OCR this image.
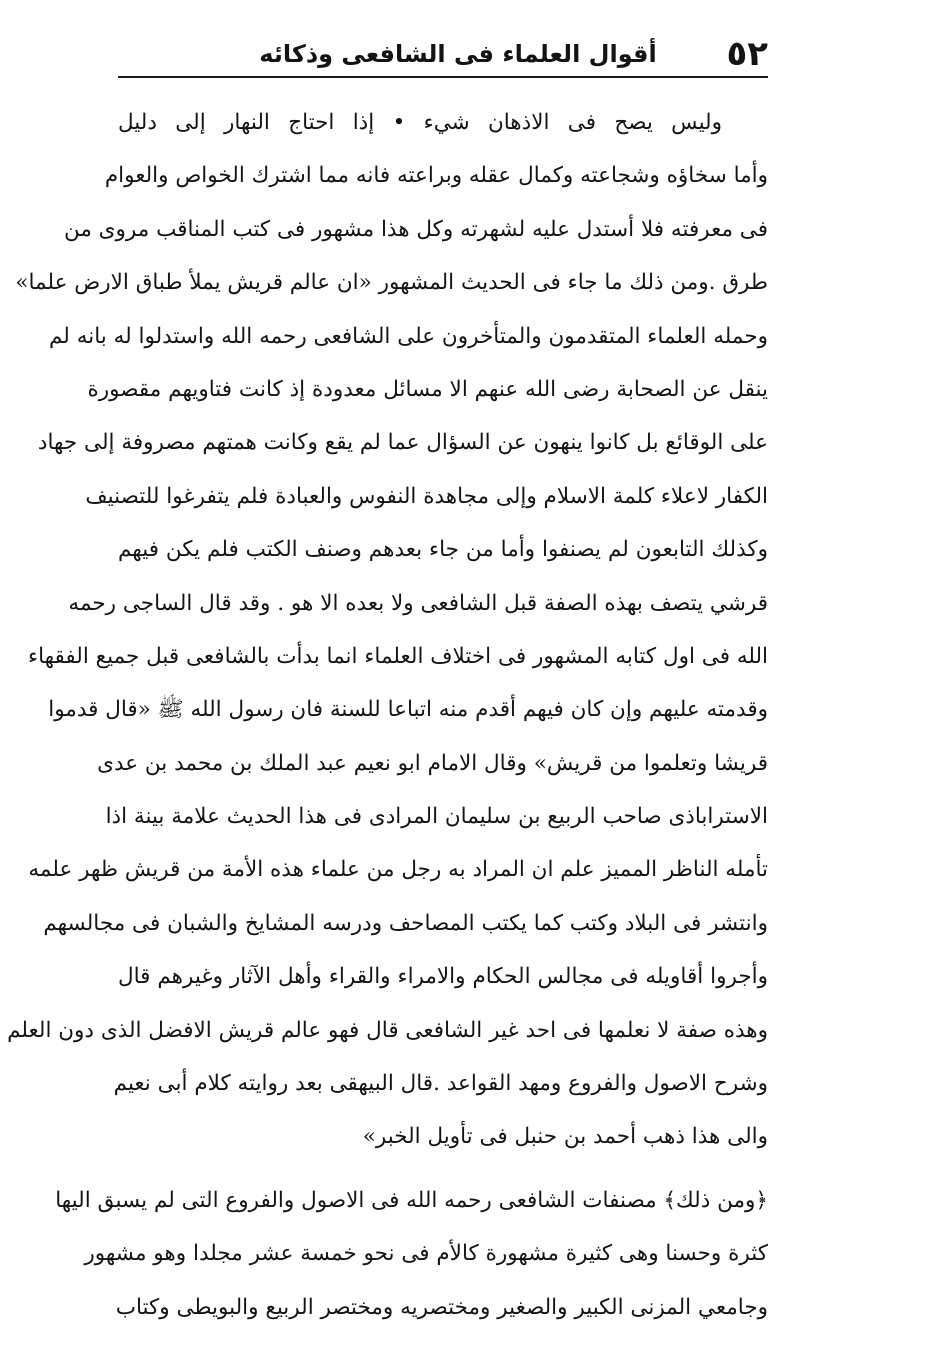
٥٢
أقوال العلماء فى الشافعى وذكائه
وليس يصح فى الاذهان شيء • إذا احتاج النهار إلى دليل
وأما سخاؤه وشجاعته وكمال عقله وبراعته فانه مما اشترك الخواص والعوام
فى معرفته فلا أستدل عليه لشهرته وكل هذا مشهور فى كتب المناقب مروى من
طرق .ومن ذلك ما جاء فى الحديث المشهور «ان عالم قريش يملأ طباق الارض علما»
وحمله العلماء المتقدمون والمتأخرون على الشافعى رحمه الله واستدلوا له بانه لم
ينقل عن الصحابة رضى الله عنهم الا مسائل معدودة إذ كانت فتاويهم مقصورة
على الوقائع بل كانوا ينهون عن السؤال عما لم يقع وكانت همتهم مصروفة إلى جهاد
الكفار لاعلاء كلمة الاسلام وإلى مجاهدة النفوس والعبادة فلم يتفرغوا للتصنيف
وكذلك التابعون لم يصنفوا وأما من جاء بعدهم وصنف الكتب فلم يكن فيهم
قرشي يتصف بهذه الصفة قبل الشافعى ولا بعده الا هو . وقد قال الساجى رحمه
الله فى اول كتابه المشهور فى اختلاف العلماء انما بدأت بالشافعى قبل جميع الفقهاء
وقدمته عليهم وإن كان فيهم أقدم منه اتباعا للسنة فان رسول الله ﷺ «قال قدموا
قريشا وتعلموا من قريش» وقال الامام ابو نعيم عبد الملك بن محمد بن عدى
الاستراباذى صاحب الربيع بن سليمان المرادى فى هذا الحديث علامة بينة اذا
تأمله الناظر المميز علم ان المراد به رجل من علماء هذه الأمة من قريش ظهر علمه
وانتشر فى البلاد وكتب كما يكتب المصاحف ودرسه المشايخ والشبان فى مجالسهم
وأجروا أقاويله فى مجالس الحكام والامراء والقراء وأهل الآثار وغيرهم قال
وهذه صفة لا نعلمها فى احد غير الشافعى قال فهو عالم قريش الافضل الذى دون العلم
وشرح الاصول والفروع ومهد القواعد .قال البيهقى بعد روايته كلام أبى نعيم
والى هذا ذهب أحمد بن حنبل فى تأويل الخبر»
﴿ومن ذلك﴾ مصنفات الشافعى رحمه الله فى الاصول والفروع التى لم يسبق اليها
كثرة وحسنا وهى كثيرة مشهورة كالأم فى نحو خمسة عشر مجلدا وهو مشهور
وجامعي المزنى الكبير والصغير ومختصريه ومختصر الربيع والبويطى وكتاب
